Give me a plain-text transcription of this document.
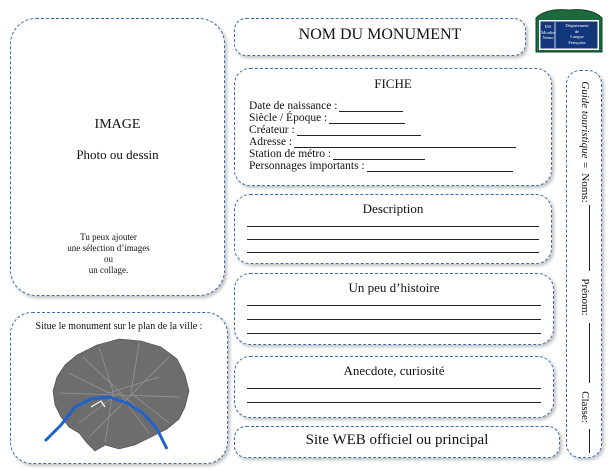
IMAGE
Photo ou dessin
Tu peux ajouter
une sélection d’images
ou
un collage.
Situe le monument sur le plan de la ville :
NOM DU MONUMENT	ISS
Moulin
Nemo
Département
de
Langue
Française
FICHE
Date de naissance :
Siècle / Époque :
Créateur :
Adresse :
Station de métro :
Personnages importants :
Description
Un peu d’histoire
Anecdote, curiosité
Site WEB officiel ou principal
Guide touristique =
Noms:
Prénom:
Classe:
